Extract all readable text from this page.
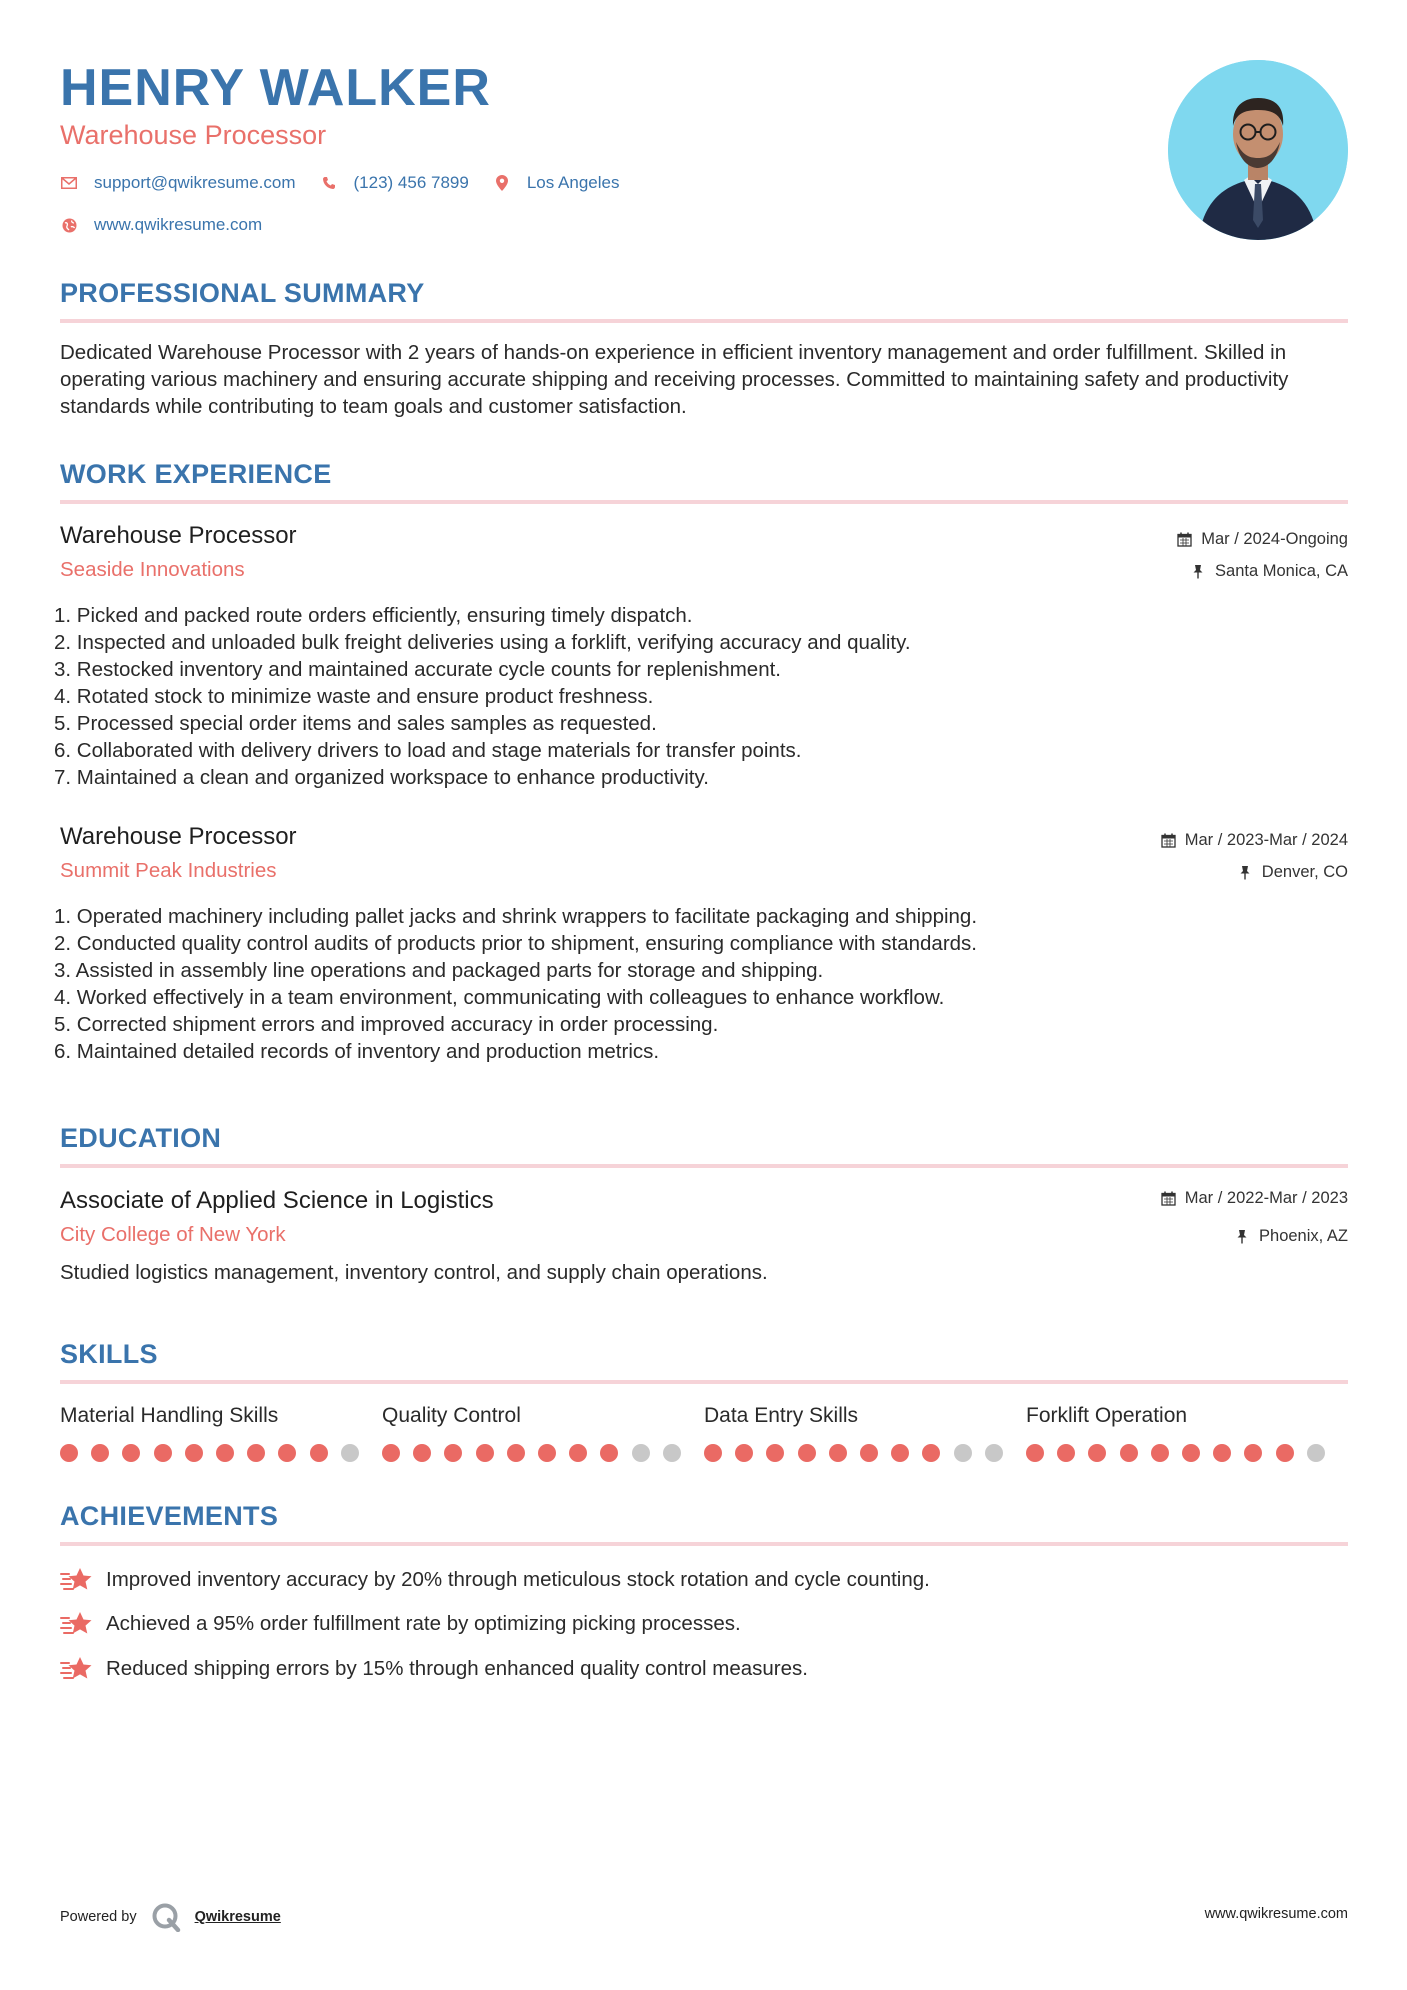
HENRY WALKER
Warehouse Processor
support@qwikresume.com	(123) 456 7899	Los Angeles
www.qwikresume.com
PROFESSIONAL SUMMARY
Dedicated Warehouse Processor with 2 years of hands-on experience in efficient inventory management and order fulfillment. Skilled in operating various machinery and ensuring accurate shipping and receiving processes. Committed to maintaining safety and productivity standards while contributing to team goals and customer satisfaction.
WORK EXPERIENCE
Warehouse Processor
Seaside Innovations
Mar / 2024-Ongoing
Santa Monica, CA
1. Picked and packed route orders efficiently, ensuring timely dispatch.
2. Inspected and unloaded bulk freight deliveries using a forklift, verifying accuracy and quality.
3. Restocked inventory and maintained accurate cycle counts for replenishment.
4. Rotated stock to minimize waste and ensure product freshness.
5. Processed special order items and sales samples as requested.
6. Collaborated with delivery drivers to load and stage materials for transfer points.
7. Maintained a clean and organized workspace to enhance productivity.
Warehouse Processor
Summit Peak Industries
Mar / 2023-Mar / 2024
Denver, CO
1. Operated machinery including pallet jacks and shrink wrappers to facilitate packaging and shipping.
2. Conducted quality control audits of products prior to shipment, ensuring compliance with standards.
3. Assisted in assembly line operations and packaged parts for storage and shipping.
4. Worked effectively in a team environment, communicating with colleagues to enhance workflow.
5. Corrected shipment errors and improved accuracy in order processing.
6. Maintained detailed records of inventory and production metrics.
EDUCATION
Associate of Applied Science in Logistics
City College of New York
Mar / 2022-Mar / 2023
Phoenix, AZ
Studied logistics management, inventory control, and supply chain operations.
SKILLS
Material Handling Skills	Quality Control	Data Entry Skills	Forklift Operation
ACHIEVEMENTS
Improved inventory accuracy by 20% through meticulous stock rotation and cycle counting.
Achieved a 95% order fulfillment rate by optimizing picking processes.
Reduced shipping errors by 15% through enhanced quality control measures.
Powered by	Qwikresume	www.qwikresume.com
